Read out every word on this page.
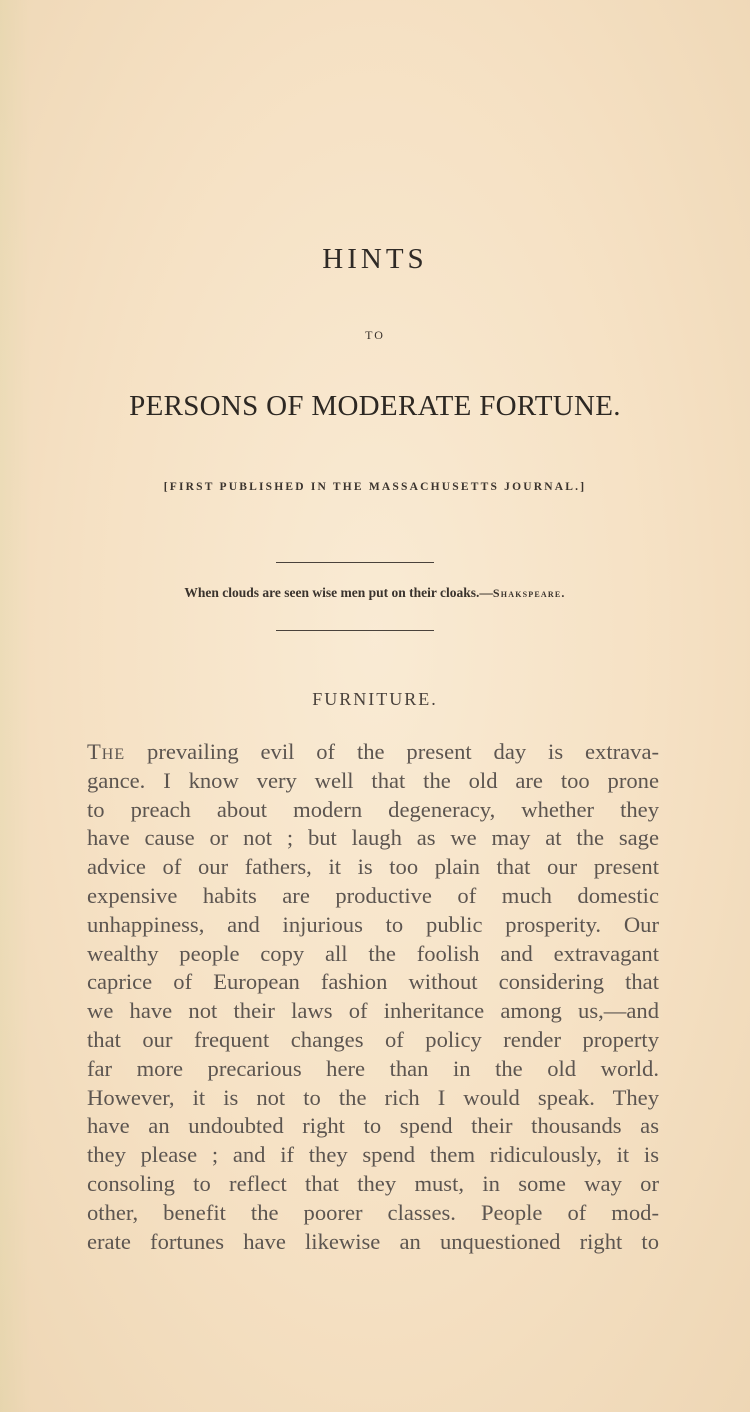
HINTS
TO
PERSONS OF MODERATE FORTUNE.
[FIRST PUBLISHED IN THE MASSACHUSETTS JOURNAL.]
When clouds are seen wise men put on their cloaks.—Shakspeare.
FURNITURE.
The prevailing evil of the present day is extrava-
gance. I know very well that the old are too prone
to preach about modern degeneracy, whether they
have cause or not ; but laugh as we may at the sage
advice of our fathers, it is too plain that our present
expensive habits are productive of much domestic
unhappiness, and injurious to public prosperity. Our
wealthy people copy all the foolish and extravagant
caprice of European fashion without considering that
we have not their laws of inheritance among us,—and
that our frequent changes of policy render property
far more precarious here than in the old world.
However, it is not to the rich I would speak. They
have an undoubted right to spend their thousands as
they please ; and if they spend them ridiculously, it is
consoling to reflect that they must, in some way or
other, benefit the poorer classes. People of mod-
erate fortunes have likewise an unquestioned right to
